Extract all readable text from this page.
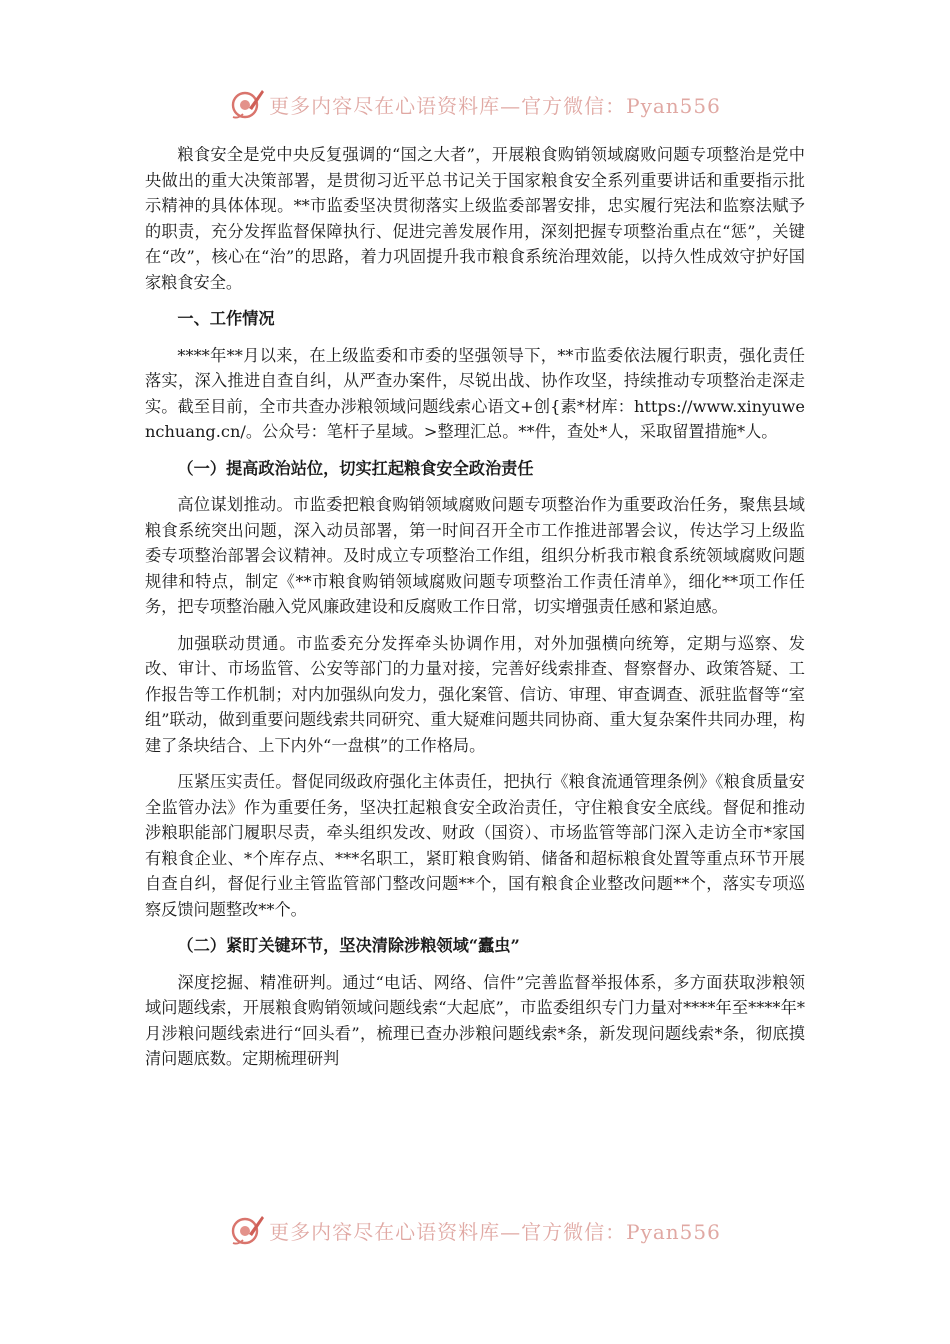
更多内容尽在心语资料库—官方微信：Pyan556

粮食安全是党中央反复强调的“国之大者”，开展粮食购销领域腐败问题专项整治是党中央做出的重大决策部署，是贯彻习近平总书记关于国家粮食安全系列重要讲话和重要指示批示精神的具体体现。**市监委坚决贯彻落实上级监委部署安排，忠实履行宪法和监察法赋予的职责，充分发挥监督保障执行、促进完善发展作用，深刻把握专项整治重点在“惩”，关键在“改”，核心在“治”的思路，着力巩固提升我市粮食系统治理效能，以持久性成效守护好国家粮食安全。

一、工作情况

****年**月以来，在上级监委和市委的坚强领导下，**市监委依法履行职责，强化责任落实，深入推进自查自纠，从严查办案件，尽锐出战、协作攻坚，持续推动专项整治走深走实。截至目前，全市共查办涉粮领域问题线索心语文+创{素*材库：https://www.xinyuwenchuang.cn/。公众号：笔杆子星域。>整理汇总。**件，查处*人，采取留置措施*人。

（一）提高政治站位，切实扛起粮食安全政治责任

高位谋划推动。市监委把粮食购销领域腐败问题专项整治作为重要政治任务，聚焦县域粮食系统突出问题，深入动员部署，第一时间召开全市工作推进部署会议，传达学习上级监委专项整治部署会议精神。及时成立专项整治工作组，组织分析我市粮食系统领域腐败问题规律和特点，制定《**市粮食购销领域腐败问题专项整治工作责任清单》，细化**项工作任务，把专项整治融入党风廉政建设和反腐败工作日常，切实增强责任感和紧迫感。

加强联动贯通。市监委充分发挥牵头协调作用，对外加强横向统筹，定期与巡察、发改、审计、市场监管、公安等部门的力量对接，完善好线索排查、督察督办、政策答疑、工作报告等工作机制；对内加强纵向发力，强化案管、信访、审理、审查调查、派驻监督等“室组”联动，做到重要问题线索共同研究、重大疑难问题共同协商、重大复杂案件共同办理，构建了条块结合、上下内外“一盘棋”的工作格局。

压紧压实责任。督促同级政府强化主体责任，把执行《粮食流通管理条例》《粮食质量安全监管办法》作为重要任务，坚决扛起粮食安全政治责任，守住粮食安全底线。督促和推动涉粮职能部门履职尽责，牵头组织发改、财政（国资）、市场监管等部门深入走访全市*家国有粮食企业、*个库存点、***名职工，紧盯粮食购销、储备和超标粮食处置等重点环节开展自查自纠，督促行业主管监管部门整改问题**个，国有粮食企业整改问题**个，落实专项巡察反馈问题整改**个。

（二）紧盯关键环节，坚决清除涉粮领域“蠹虫”

深度挖掘、精准研判。通过“电话、网络、信件”完善监督举报体系，多方面获取涉粮领域问题线索，开展粮食购销领域问题线索“大起底”，市监委组织专门力量对****年至****年*月涉粮问题线索进行“回头看”，梳理已查办涉粮问题线索*条，新发现问题线索*条，彻底摸清问题底数。定期梳理研判

更多内容尽在心语资料库—官方微信：Pyan556
